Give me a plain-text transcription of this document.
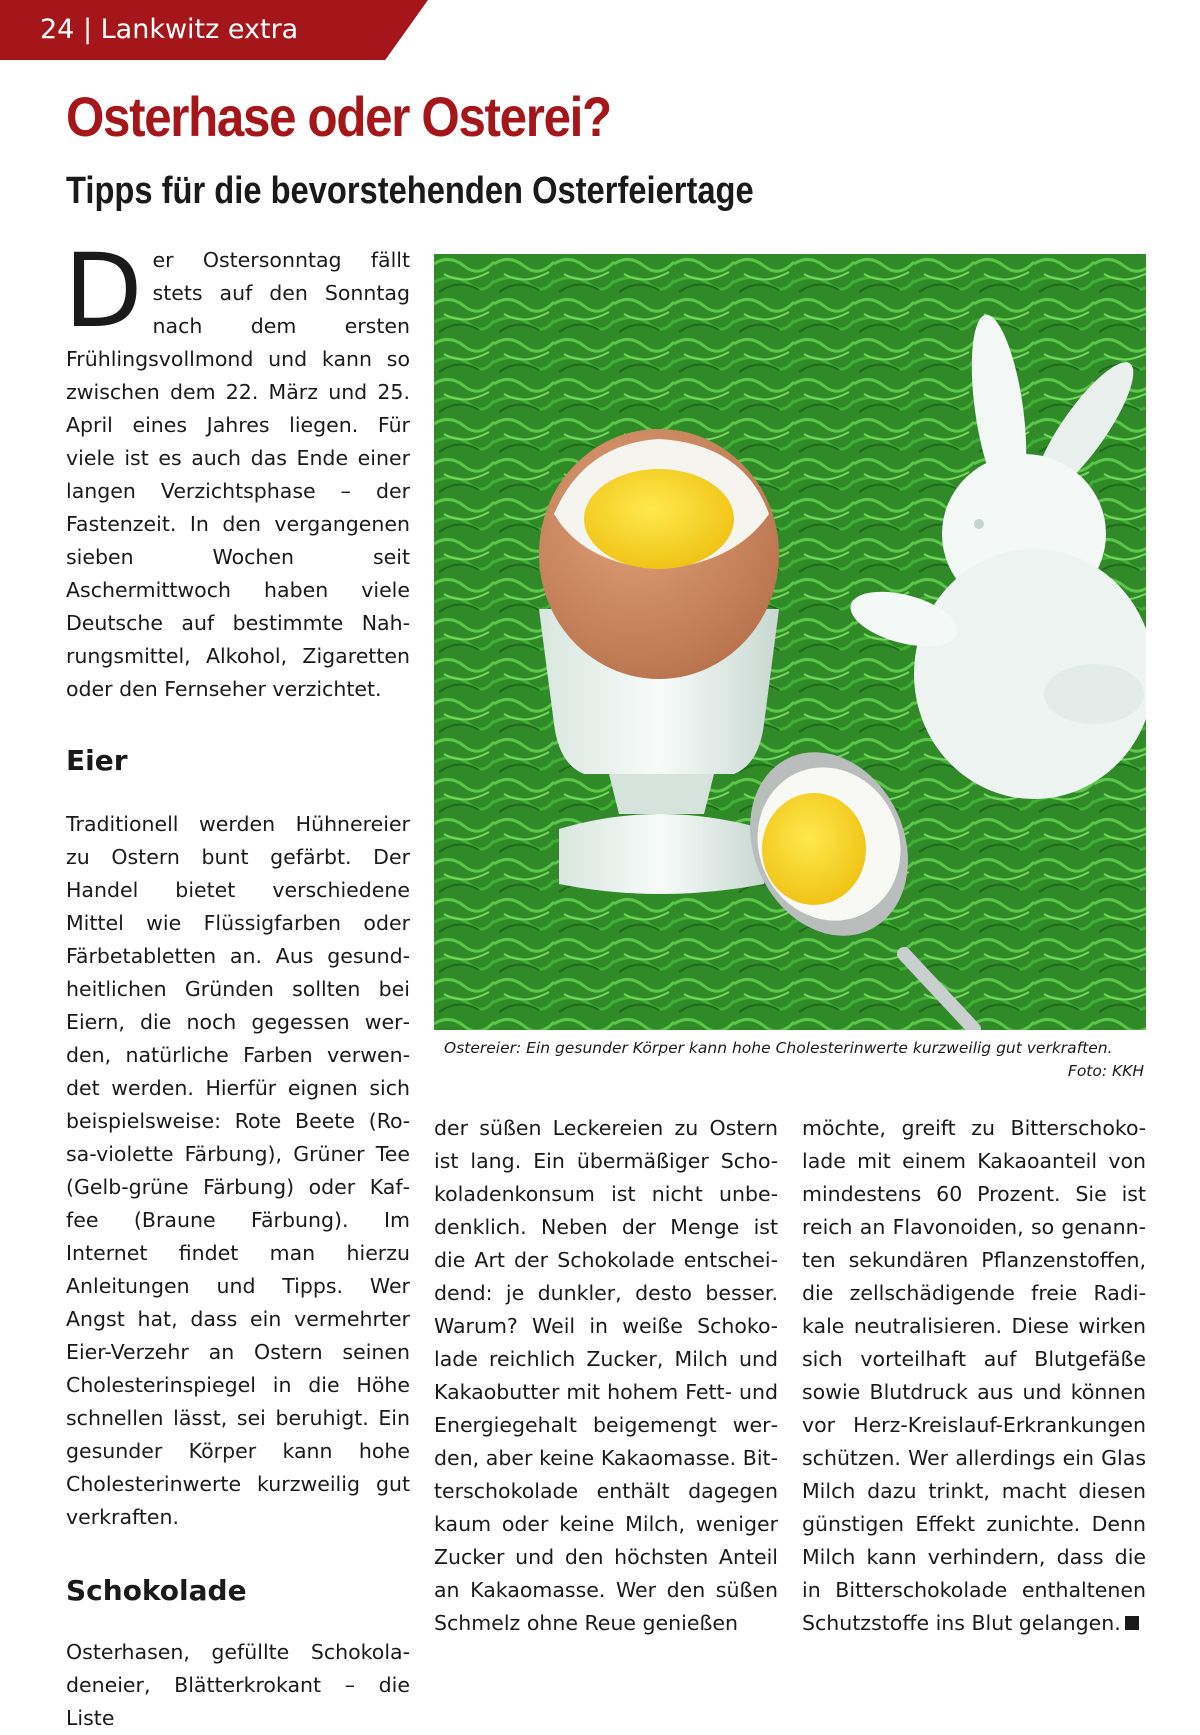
24 | Lankwitz extra
Osterhase oder Osterei?
Tipps für die bevorstehenden Osterfeiertage

Der Ostersonntag fällt stets auf den Sonntag nach dem ersten Frühlingsvollmond und kann so zwischen dem 22. März und 25. April eines Jahres liegen. Für viele ist es auch das Ende einer langen Verzichtsphase – der Fastenzeit. In den vergangenen sieben Wochen seit Aschermittwoch haben viele Deutsche auf bestimmte Nahrungsmittel, Alkohol, Zigaretten oder den Fernseher verzichtet.

Eier

Traditionell werden Hühnereier zu Ostern bunt gefärbt. Der Handel bietet verschiedene Mittel wie Flüssigfarben oder Färbetabletten an. Aus gesundheitlichen Gründen sollten bei Eiern, die noch gegessen werden, natürliche Farben verwendet werden. Hierfür eignen sich beispielsweise: Rote Beete (Rosa-violette Färbung), Grüner Tee (Gelb-grüne Färbung) oder Kaffee (Braune Färbung). Im Internet findet man hierzu Anleitungen und Tipps. Wer Angst hat, dass ein vermehrter Eier-Verzehr an Ostern seinen Cholesterinspiegel in die Höhe schnellen lässt, sei beruhigt. Ein gesunder Körper kann hohe Cholesterinwerte kurzweilig gut verkraften.

Schokolade

Osterhasen, gefüllte Schokoladeneier, Blätterkrokant – die Liste

Ostereier: Ein gesunder Körper kann hohe Cholesterinwerte kurzweilig gut verkraften.
Foto: KKH

der süßen Leckereien zu Ostern ist lang. Ein übermäßiger Schokoladenkonsum ist nicht unbedenklich. Neben der Menge ist die Art der Schokolade entscheidend: je dunkler, desto besser. Warum? Weil in weiße Schokolade reichlich Zucker, Milch und Kakaobutter mit hohem Fett- und Energiegehalt beigemengt werden, aber keine Kakaomasse. Bitterschokolade enthält dagegen kaum oder keine Milch, weniger Zucker und den höchsten Anteil an Kakaomasse. Wer den süßen Schmelz ohne Reue genießen

möchte, greift zu Bitterschokolade mit einem Kakaoanteil von mindestens 60 Prozent. Sie ist reich an Flavonoiden, so genannten sekundären Pflanzenstoffen, die zellschädigende freie Radikale neutralisieren. Diese wirken sich vorteilhaft auf Blutgefäße sowie Blutdruck aus und können vor Herz-Kreislauf-Erkrankungen schützen. Wer allerdings ein Glas Milch dazu trinkt, macht diesen günstigen Effekt zunichte. Denn Milch kann verhindern, dass die in Bitterschokolade enthaltenen Schutzstoffe ins Blut gelangen.
